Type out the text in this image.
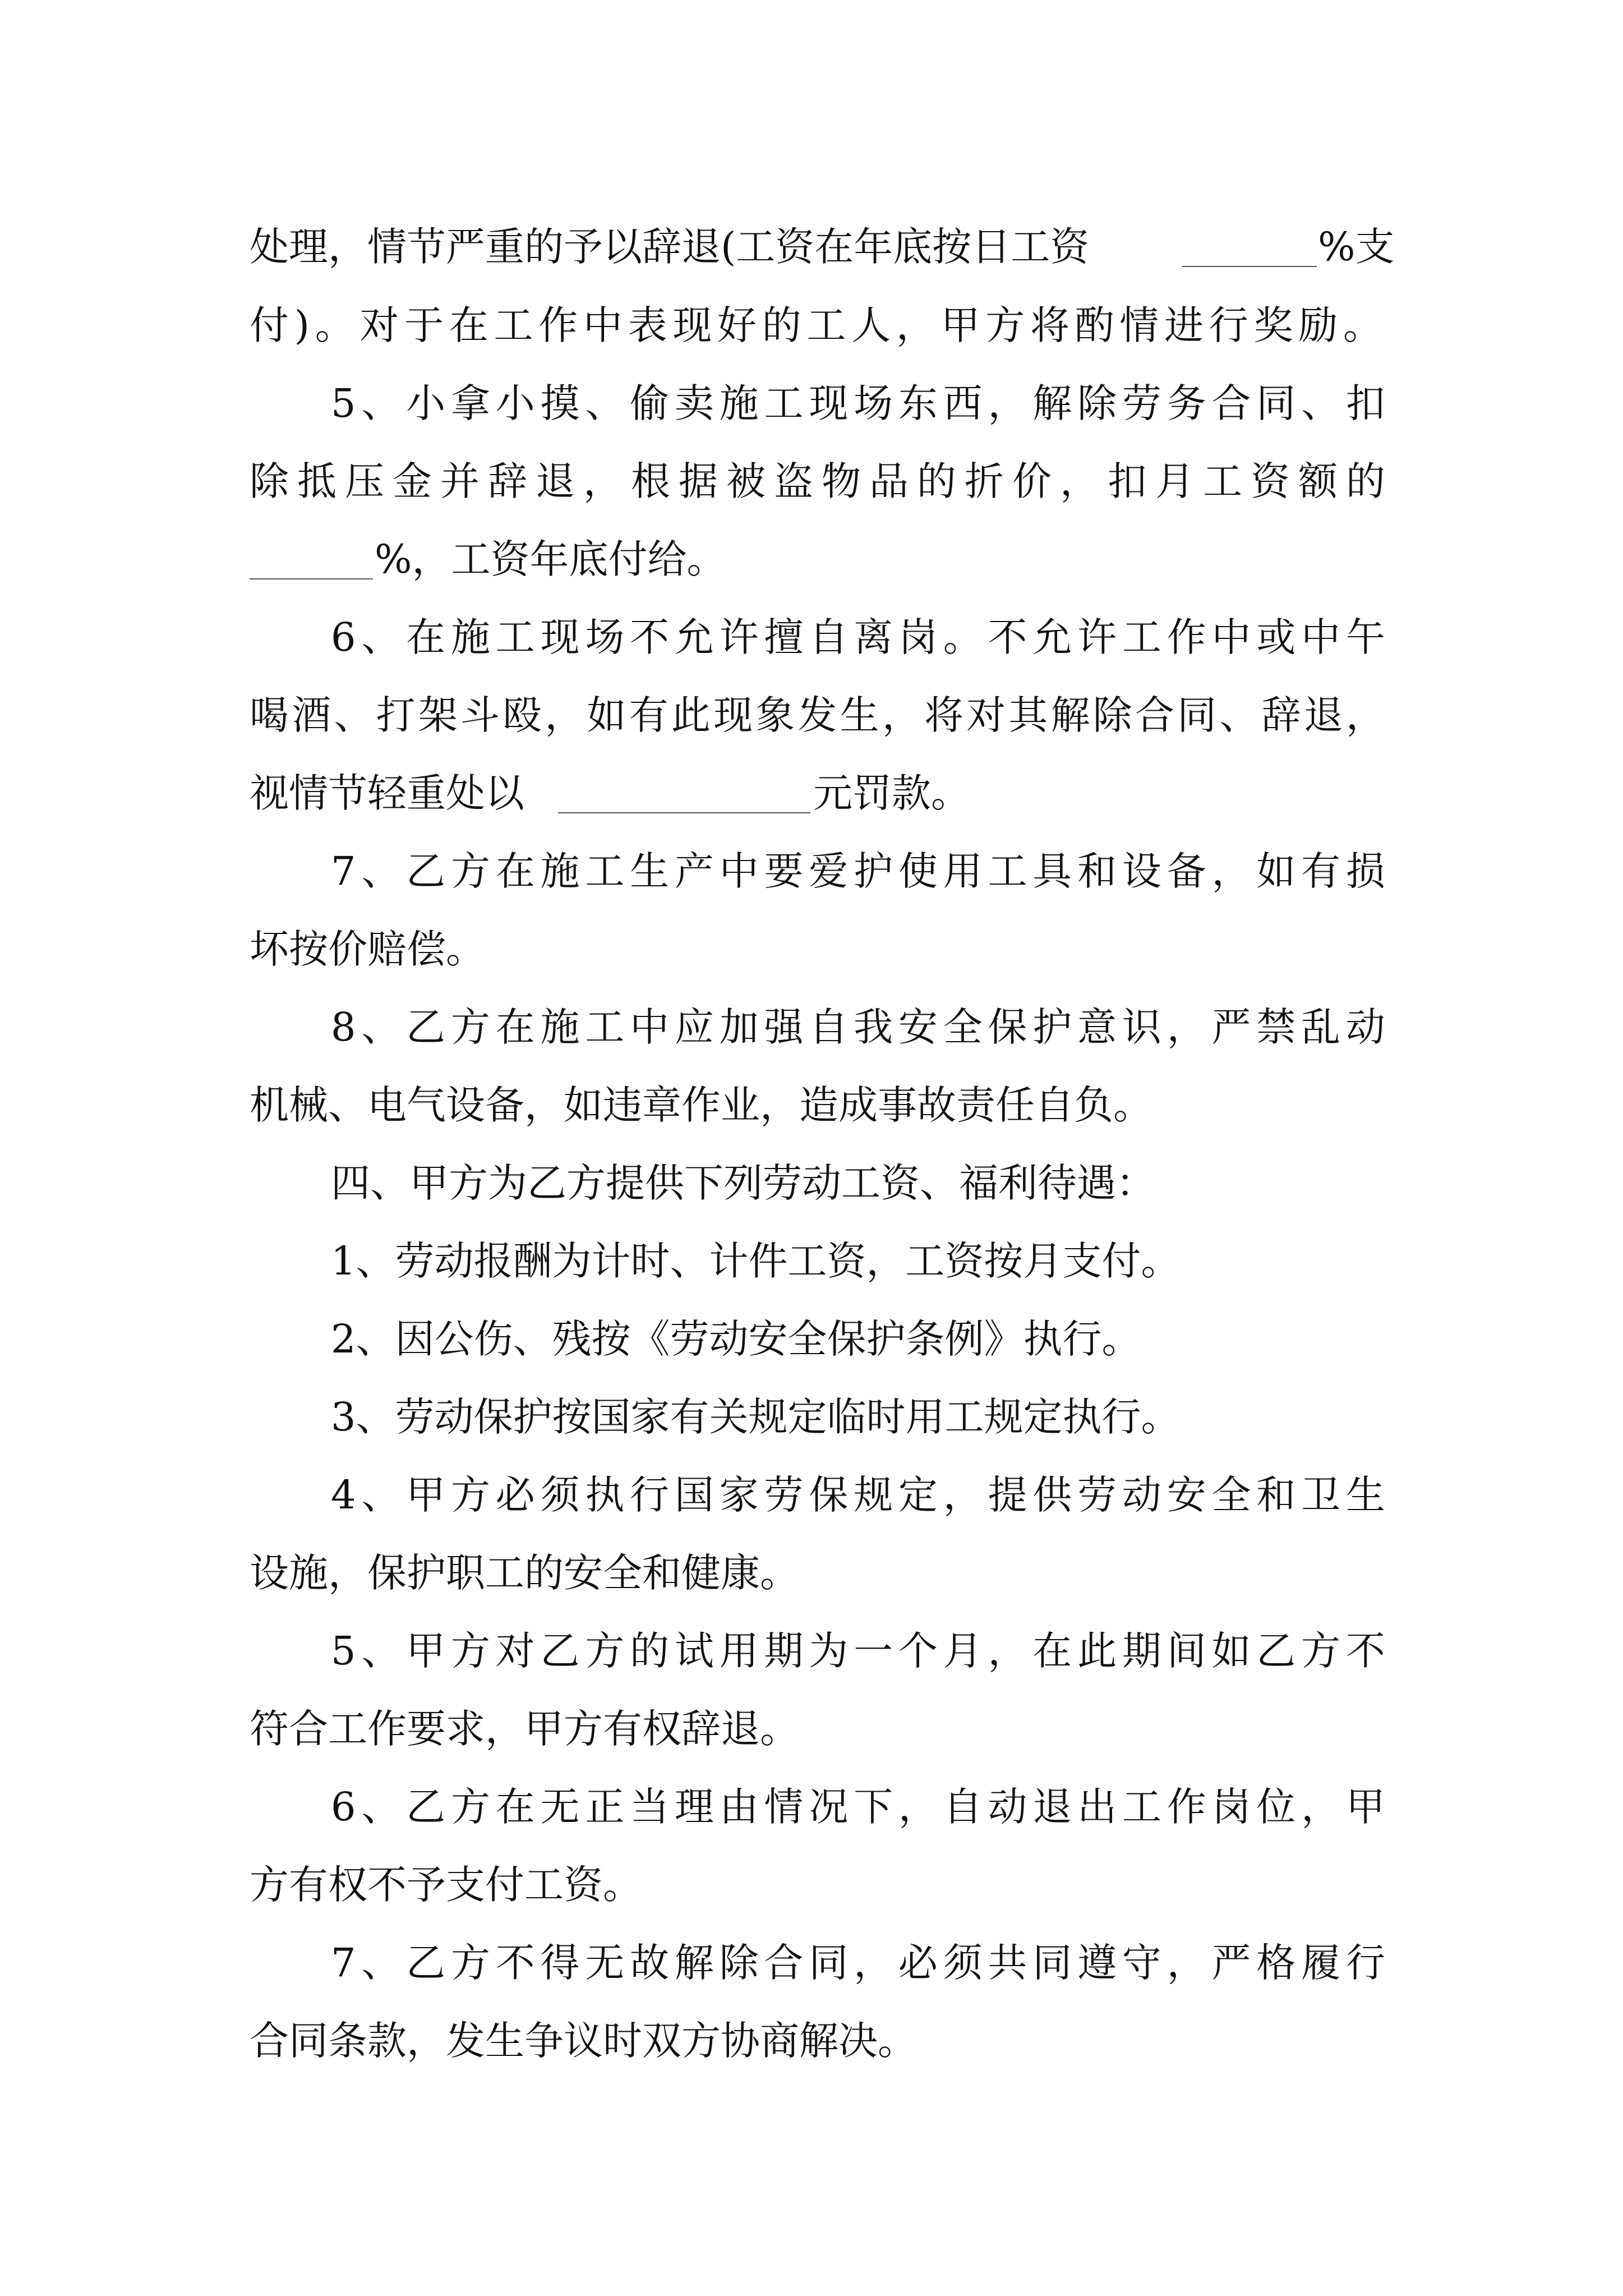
处理，情节严重的予以辞退(工资在年底按日工资	%支
付 ) 。 对 于 在 工 作 中 表 现 好 的 工 人 ， 甲 方 将 酌 情 进 行 奖 励 。
5 、 小 拿 小 摸 、 偷 卖 施 工 现 场 东 西 ， 解 除 劳 务 合 同 、 扣
除 抵 压 金 并 辞 退 ， 根 据 被 盗 物 品 的 折 价 ， 扣 月 工 资 额 的
%，工资年底付给。
6 、 在 施 工 现 场 不 允 许 擅 自 离 岗 。 不 允 许 工 作 中 或 中 午
喝 酒 、 打 架 斗 殴 ， 如 有 此 现 象 发 生 ， 将 对 其 解 除 合 同 、 辞 退 ，
视情节轻重处以	元罚款。
7 、 乙 方 在 施 工 生 产 中 要 爱 护 使 用 工 具 和 设 备 ， 如 有 损
坏按价赔偿。
8 、 乙 方 在 施 工 中 应 加 强 自 我 安 全 保 护 意 识 ， 严 禁 乱 动
机械、电气设备，如违章作业，造成事故责任自负。
四、甲方为乙方提供下列劳动工资、福利待遇：
1、劳动报酬为计时、计件工资，工资按月支付。
2、因公伤、残按《劳动安全保护条例》执行。
3、劳动保护按国家有关规定临时用工规定执行。
4 、 甲 方 必 须 执 行 国 家 劳 保 规 定 ， 提 供 劳 动 安 全 和 卫 生
设施，保护职工的安全和健康。
5 、 甲 方 对 乙 方 的 试 用 期 为 一 个 月 ， 在 此 期 间 如 乙 方 不
符合工作要求，甲方有权辞退。
6 、 乙 方 在 无 正 当 理 由 情 况 下 ， 自 动 退 出 工 作 岗 位 ， 甲
方有权不予支付工资。
7 、 乙 方 不 得 无 故 解 除 合 同 ， 必 须 共 同 遵 守 ， 严 格 履 行
合同条款，发生争议时双方协商解决。
